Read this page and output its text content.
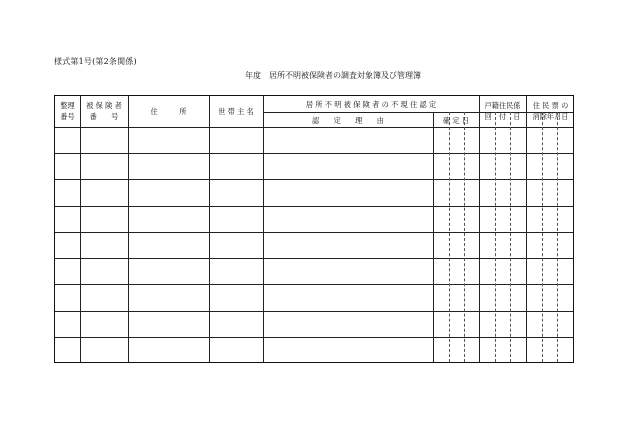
様式第1号(第2条関係)
年度　居所不明被保険者の調査対象簿及び管理簿
整理
番号
被 保 険 者
番　　号
住　　　所	世 帯 主 名
居 所 不 明 被 保 険 者 の 不 現 住 認 定
認　　定　　理　　由	確 定 日
戸籍住民係
回　付　日
住 民 票 の
消除年月日
